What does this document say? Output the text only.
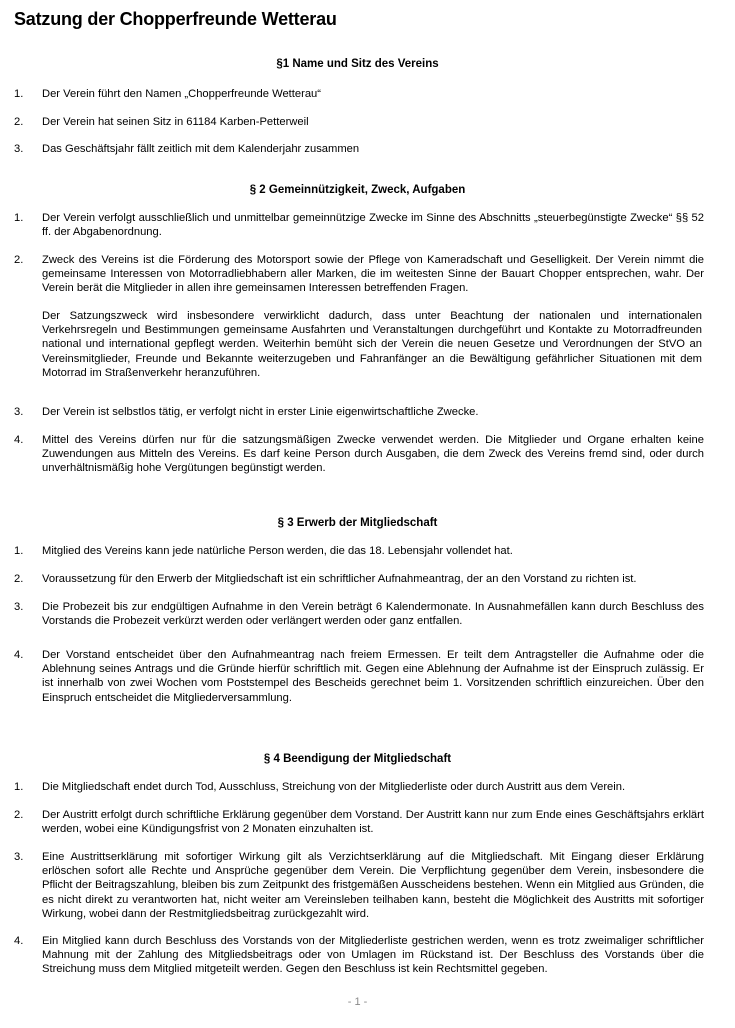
Satzung der Chopperfreunde Wetterau
§1 Name und Sitz des Vereins
1.	Der Verein führt den Namen „Chopperfreunde Wetterau“
2.	Der Verein hat seinen Sitz in 61184 Karben-Petterweil
3.	Das Geschäftsjahr fällt zeitlich mit dem Kalenderjahr zusammen
§ 2 Gemeinnützigkeit, Zweck, Aufgaben
1.	Der Verein verfolgt ausschließlich und unmittelbar gemeinnützige Zwecke im Sinne des Abschnitts „steuerbegünstigte Zwecke“ §§ 52 ff. der Abgabenordnung.
2.	Zweck des Vereins ist die Förderung des Motorsport sowie der Pflege von Kameradschaft und Geselligkeit. Der Verein nimmt die gemeinsame Interessen von Motorradliebhabern aller Marken, die im weitesten Sinne der Bauart Chopper entsprechen, wahr. Der Verein berät die Mitglieder in allen ihre gemeinsamen Interessen betreffenden Fragen.
Der Satzungszweck wird insbesondere verwirklicht dadurch, dass unter Beachtung der nationalen und internationalen Verkehrsregeln und Bestimmungen gemeinsame Ausfahrten und Veranstaltungen durchgeführt und Kontakte zu Motorradfreunden national und international gepflegt werden. Weiterhin bemüht sich der Verein die neuen Gesetze und Verordnungen der StVO an Vereinsmitglieder, Freunde und Bekannte weiterzugeben und Fahranfänger an die Bewältigung gefährlicher Situationen mit dem Motorrad im Straßenverkehr heranzuführen.
3.	Der Verein ist selbstlos tätig, er verfolgt nicht in erster Linie eigenwirtschaftliche Zwecke.
4.	Mittel des Vereins dürfen nur für die satzungsmäßigen Zwecke verwendet werden. Die Mitglieder und Organe erhalten keine Zuwendungen aus Mitteln des Vereins. Es darf keine Person durch Ausgaben, die dem Zweck des Vereins fremd sind, oder durch unverhältnismäßig hohe Vergütungen begünstigt werden.
§ 3 Erwerb der Mitgliedschaft
1.	Mitglied des Vereins kann jede natürliche Person werden, die das 18. Lebensjahr vollendet hat.
2.	Voraussetzung für den Erwerb der Mitgliedschaft ist ein schriftlicher Aufnahmeantrag, der an den Vorstand zu richten ist.
3.	Die Probezeit bis zur endgültigen Aufnahme in den Verein beträgt 6 Kalendermonate. In Ausnahmefällen kann durch Beschluss des Vorstands die Probezeit verkürzt werden oder verlängert werden oder ganz entfallen.
4.	Der Vorstand entscheidet über den Aufnahmeantrag nach freiem Ermessen. Er teilt dem Antragsteller die Aufnahme oder die Ablehnung seines Antrags und die Gründe hierfür schriftlich mit. Gegen eine Ablehnung der Aufnahme ist der Einspruch zulässig. Er ist innerhalb von zwei Wochen vom Poststempel des Bescheids gerechnet beim 1. Vorsitzenden schriftlich einzureichen. Über den Einspruch entscheidet die Mitgliederversammlung.
§ 4 Beendigung der Mitgliedschaft
1.	Die Mitgliedschaft endet durch Tod, Ausschluss, Streichung von der Mitgliederliste oder durch Austritt aus dem Verein.
2.	Der Austritt erfolgt durch schriftliche Erklärung gegenüber dem Vorstand. Der Austritt kann nur zum Ende eines Geschäftsjahrs erklärt werden, wobei eine Kündigungsfrist von 2 Monaten einzuhalten ist.
3.	Eine Austrittserklärung mit sofortiger Wirkung gilt als Verzichtserklärung auf die Mitgliedschaft. Mit Eingang dieser Erklärung erlöschen sofort alle Rechte und Ansprüche gegenüber dem Verein. Die Verpflichtung gegenüber dem Verein, insbesondere die Pflicht der Beitragszahlung, bleiben bis zum Zeitpunkt des fristgemäßen Ausscheidens bestehen. Wenn ein Mitglied aus Gründen, die es nicht direkt zu verantworten hat, nicht weiter am Vereinsleben teilhaben kann, besteht die Möglichkeit des Austritts mit sofortiger Wirkung, wobei dann der Restmitgliedsbeitrag zurückgezahlt wird.
4.	Ein Mitglied kann durch Beschluss des Vorstands von der Mitgliederliste gestrichen werden, wenn es trotz zweimaliger schriftlicher Mahnung mit der Zahlung des Mitgliedsbeitrags oder von Umlagen im Rückstand ist. Der Beschluss des Vorstands über die Streichung muss dem Mitglied mitgeteilt werden. Gegen den Beschluss ist kein Rechtsmittel gegeben.
- 1 -
